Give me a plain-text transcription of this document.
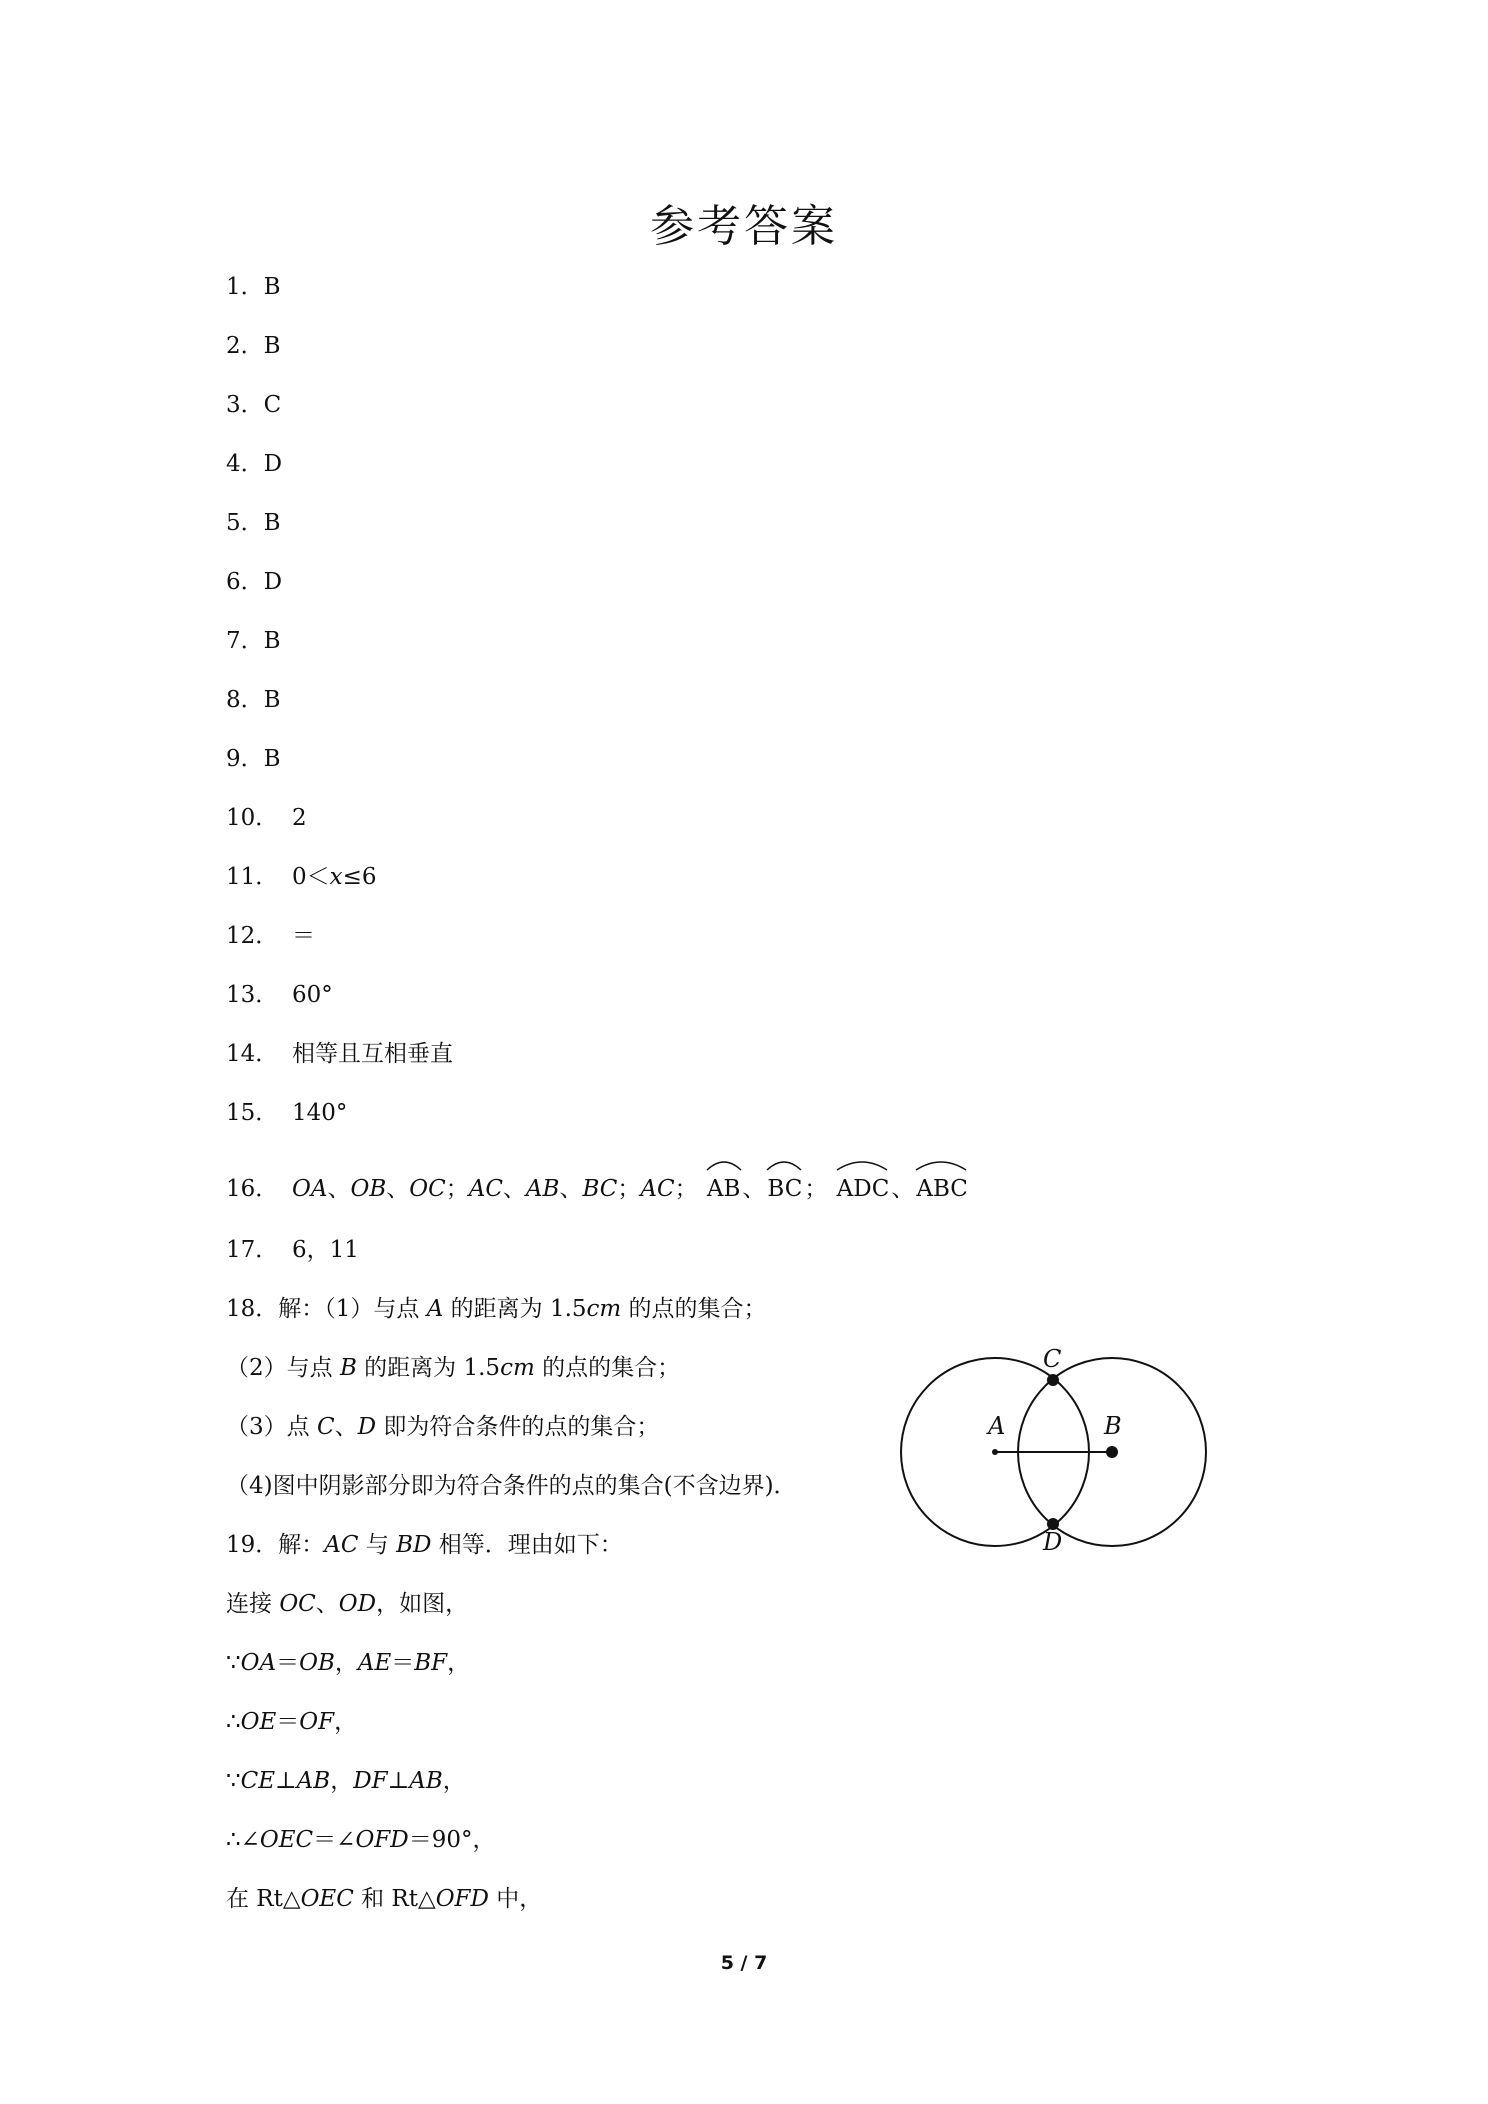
参考答案
1．B
2．B
3．C
4．D
5．B
6．D
7．B
8．B
9．B
10． 2
11． 0＜x≤6
12． ＝
13． 60°
14． 相等且互相垂直
15． 140°
16． OA、OB、OC；AC、AB、BC；AC； AB、
BC； ADC、
ABC
17． 6，11
18．解：（1）与点 A 的距离为 1.5cm 的点的集合；
（2）与点 B 的距离为 1.5cm 的点的集合；
（3）点 C、D 即为符合条件的点的集合；
（4)图中阴影部分即为符合条件的点的集合(不含边界)．
C
A	B
D
19．解：AC 与 BD 相等．理由如下：
连接 OC、OD，如图，
∵OA＝OB，AE＝BF，
∴OE＝OF，
∵CE⊥AB，DF⊥AB，
∴∠OEC＝∠OFD＝90°，
在 Rt△OEC 和 Rt△OFD 中，
5 / 7
